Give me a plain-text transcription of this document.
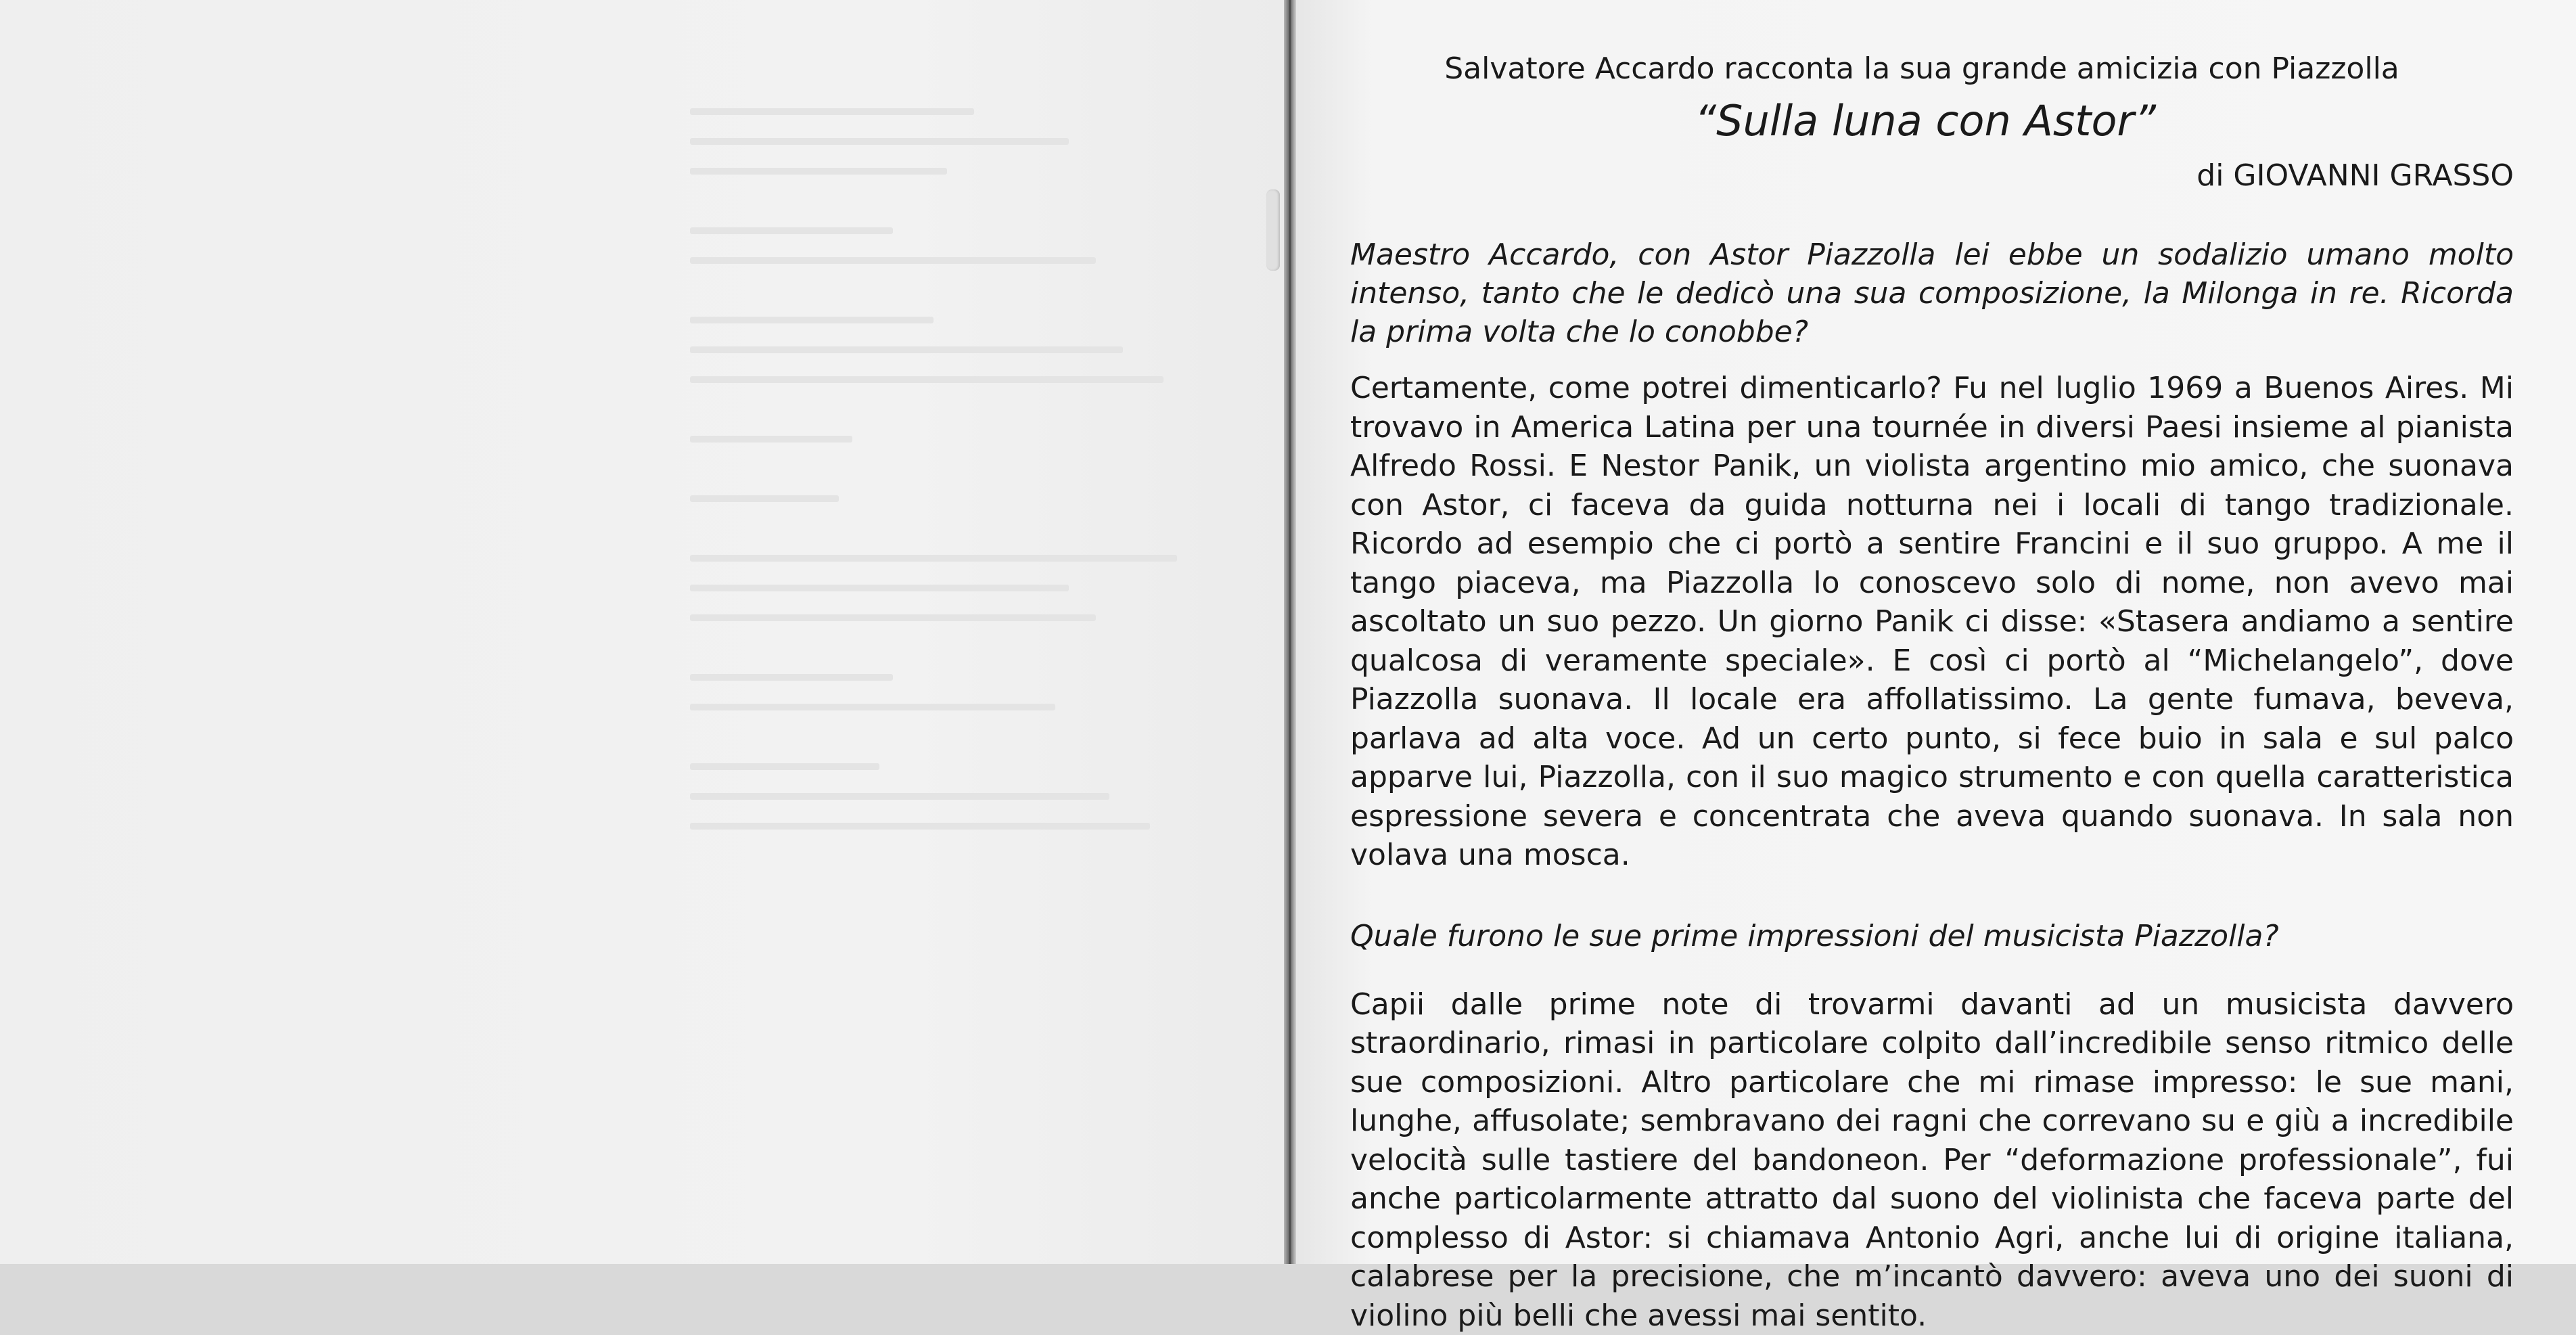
Salvatore Accardo racconta la sua grande amicizia con Piazzolla
“Sulla luna con Astor”
di GIOVANNI GRASSO

Maestro Accardo, con Astor Piazzolla lei ebbe un sodalizio umano molto intenso, tanto che le dedicò una sua composizione, la Milonga in re. Ricorda la prima volta che lo conobbe?

Certamente, come potrei dimenticarlo? Fu nel luglio 1969 a Buenos Aires. Mi trovavo in America Latina per una tournée in diversi Paesi insieme al pianista Alfredo Rossi. E Nestor Panik, un violista argentino mio amico, che suonava con Astor, ci faceva da guida notturna nei i locali di tango tradizionale. Ricordo ad esempio che ci portò a sentire Francini e il suo gruppo. A me il tango piaceva, ma Piazzolla lo conoscevo solo di nome, non avevo mai ascoltato un suo pezzo. Un giorno Panik ci disse: «Stasera andiamo a sentire qualcosa di veramente speciale». E così ci portò al “Michelangelo”, dove Piazzolla suonava. Il locale era affollatissimo. La gente fumava, beveva, parlava ad alta voce. Ad un certo punto, si fece buio in sala e sul palco apparve lui, Piazzolla, con il suo magico strumento e con quella caratteristica espressione severa e concentrata che aveva quando suonava. In sala non volava una mosca.

Quale furono le sue prime impressioni del musicista Piazzolla?

Capii dalle prime note di trovarmi davanti ad un musicista davvero straordinario, rimasi in particolare colpito dall’incredibile senso ritmico delle sue composizioni. Altro particolare che mi rimase impresso: le sue mani, lunghe, affusolate; sembravano dei ragni che correvano su e giù a incredibile velocità sulle tastiere del bandoneon. Per “deformazione professionale”, fui anche particolarmente attratto dal suono del violinista che faceva parte del complesso di Astor: si chiamava Antonio Agri, anche lui di origine italiana, calabrese per la precisione, che m’incantò davvero: aveva uno dei suoni di violino più belli che avessi mai sentito.
